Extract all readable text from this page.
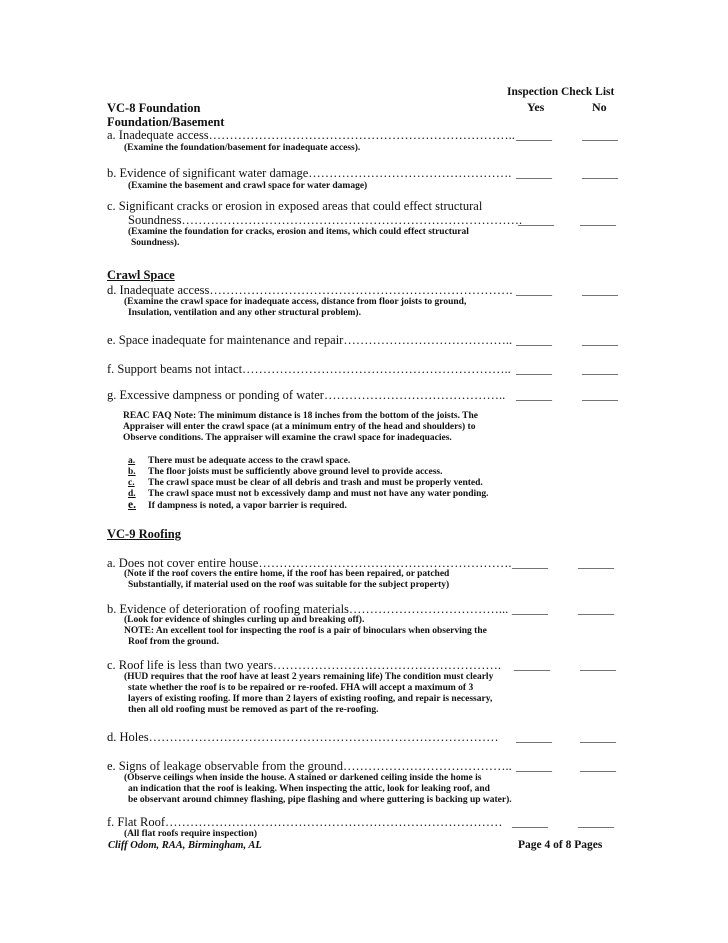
Inspection Check List
Yes	No
VC-8 Foundation
Foundation/Basement
a. Inadequate access………………………………………………………………..
(Examine the foundation/basement for inadequate access).
______	______
b. Evidence of significant water damage………………………………………….
(Examine the basement and crawl space for water damage)
______	______
c. Significant cracks or erosion in exposed areas that could effect structural
Soundness……………………………………………………………………….
(Examine the foundation for cracks, erosion and items, which could effect structural
Soundness).
______ ______
Crawl Space
d. Inadequate access……………………………………………………………….
(Examine the crawl space for inadequate access, distance from floor joists to ground,
Insulation, ventilation and any other structural problem).
______	______
e. Space inadequate for maintenance and repair………………………………….. ______	______
f. Support beams not intact……………………………………………………….. ______	______
g. Excessive dampness or ponding of water…………………………………….. ______	______
REAC FAQ Note: The minimum distance is 18 inches from the bottom of the joists. The
Appraiser will enter the crawl space (at a minimum entry of the head and shoulders) to
Observe conditions. The appraiser will examine the crawl space for inadequacies.
a. There must be adequate access to the crawl space.
b. The floor joists must be sufficiently above ground level to provide access.
c. The crawl space must be clear of all debris and trash and must be properly vented.
d. The crawl space must not b excessively damp and must not have any water ponding.
e. If dampness is noted, a vapor barrier is required.
VC-9 Roofing
a. Does not cover entire house…………………………………………………….
(Note if the roof covers the entire home, if the roof has been repaired, or patched
Substantially, if material used on the roof was suitable for the subject property)
______	______
b. Evidence of deterioration of roofing materials………………………………...
(Look for evidence of shingles curling up and breaking off).
NOTE: An excellent tool for inspecting the roof is a pair of binoculars when observing the
Roof from the ground.
______	______
c. Roof life is less than two years……………………………………………….
(HUD requires that the roof have at least 2 years remaining life) The condition must clearly
state whether the roof is to be repaired or re-roofed. FHA will accept a maximum of 3
layers of existing roofing. If more than 2 layers of existing roofing, and repair is necessary,
then all old roofing must be removed as part of the re-roofing.
______	______
d. Holes………………………………………………………………………… ______ ______
e. Signs of leakage observable from the ground…………………………………..
(Observe ceilings when inside the house. A stained or darkened ceiling inside the home is
an indication that the roof is leaking. When inspecting the attic, look for leaking roof, and
be observant around chimney flashing, pipe flashing and where guttering is backing up water).
______ ______
f. Flat Roof………………………………………………………………………
(All flat roofs require inspection)
______	______
Cliff Odom, RAA, Birmingham, AL	Page 4 of 8 Pages
